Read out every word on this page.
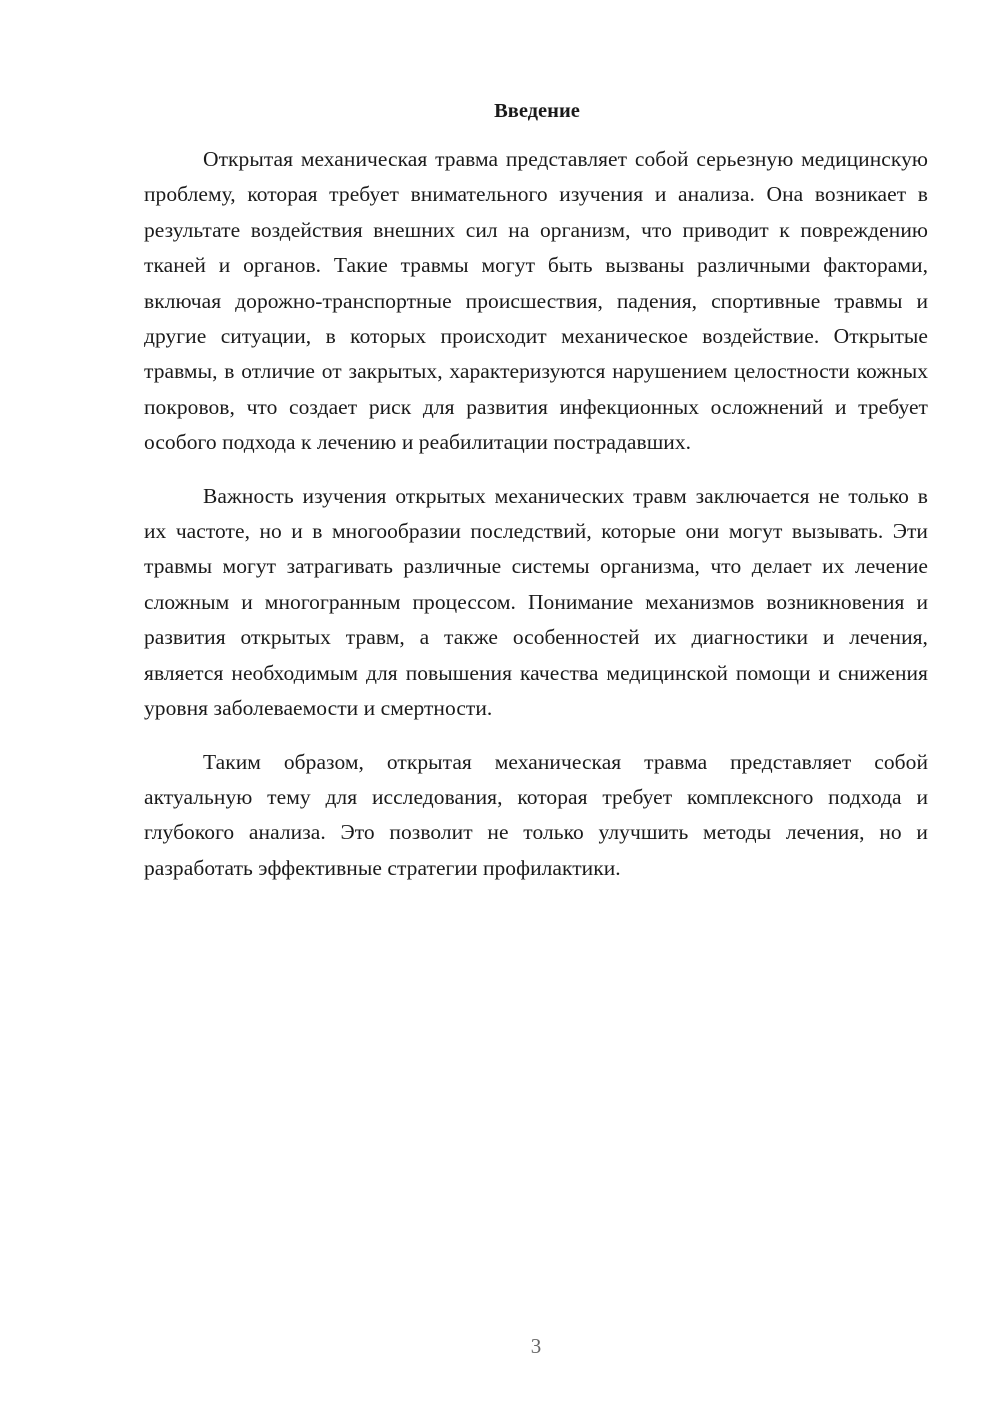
Введение

Открытая механическая травма представляет собой серьезную медицинскую проблему, которая требует внимательного изучения и анализа. Она возникает в результате воздействия внешних сил на организм, что приводит к повреждению тканей и органов. Такие травмы могут быть вызваны различными факторами, включая дорожно-транспортные происшествия, падения, спортивные травмы и другие ситуации, в которых происходит механическое воздействие. Открытые травмы, в отличие от закрытых, характеризуются нарушением целостности кожных покровов, что создает риск для развития инфекционных осложнений и требует особого подхода к лечению и реабилитации пострадавших.

Важность изучения открытых механических травм заключается не только в их частоте, но и в многообразии последствий, которые они могут вызывать. Эти травмы могут затрагивать различные системы организма, что делает их лечение сложным и многогранным процессом. Понимание механизмов возникновения и развития открытых травм, а также особенностей их диагностики и лечения, является необходимым для повышения качества медицинской помощи и снижения уровня заболеваемости и смертности.

Таким образом, открытая механическая травма представляет собой актуальную тему для исследования, которая требует комплексного подхода и глубокого анализа. Это позволит не только улучшить методы лечения, но и разработать эффективные стратегии профилактики.

3
